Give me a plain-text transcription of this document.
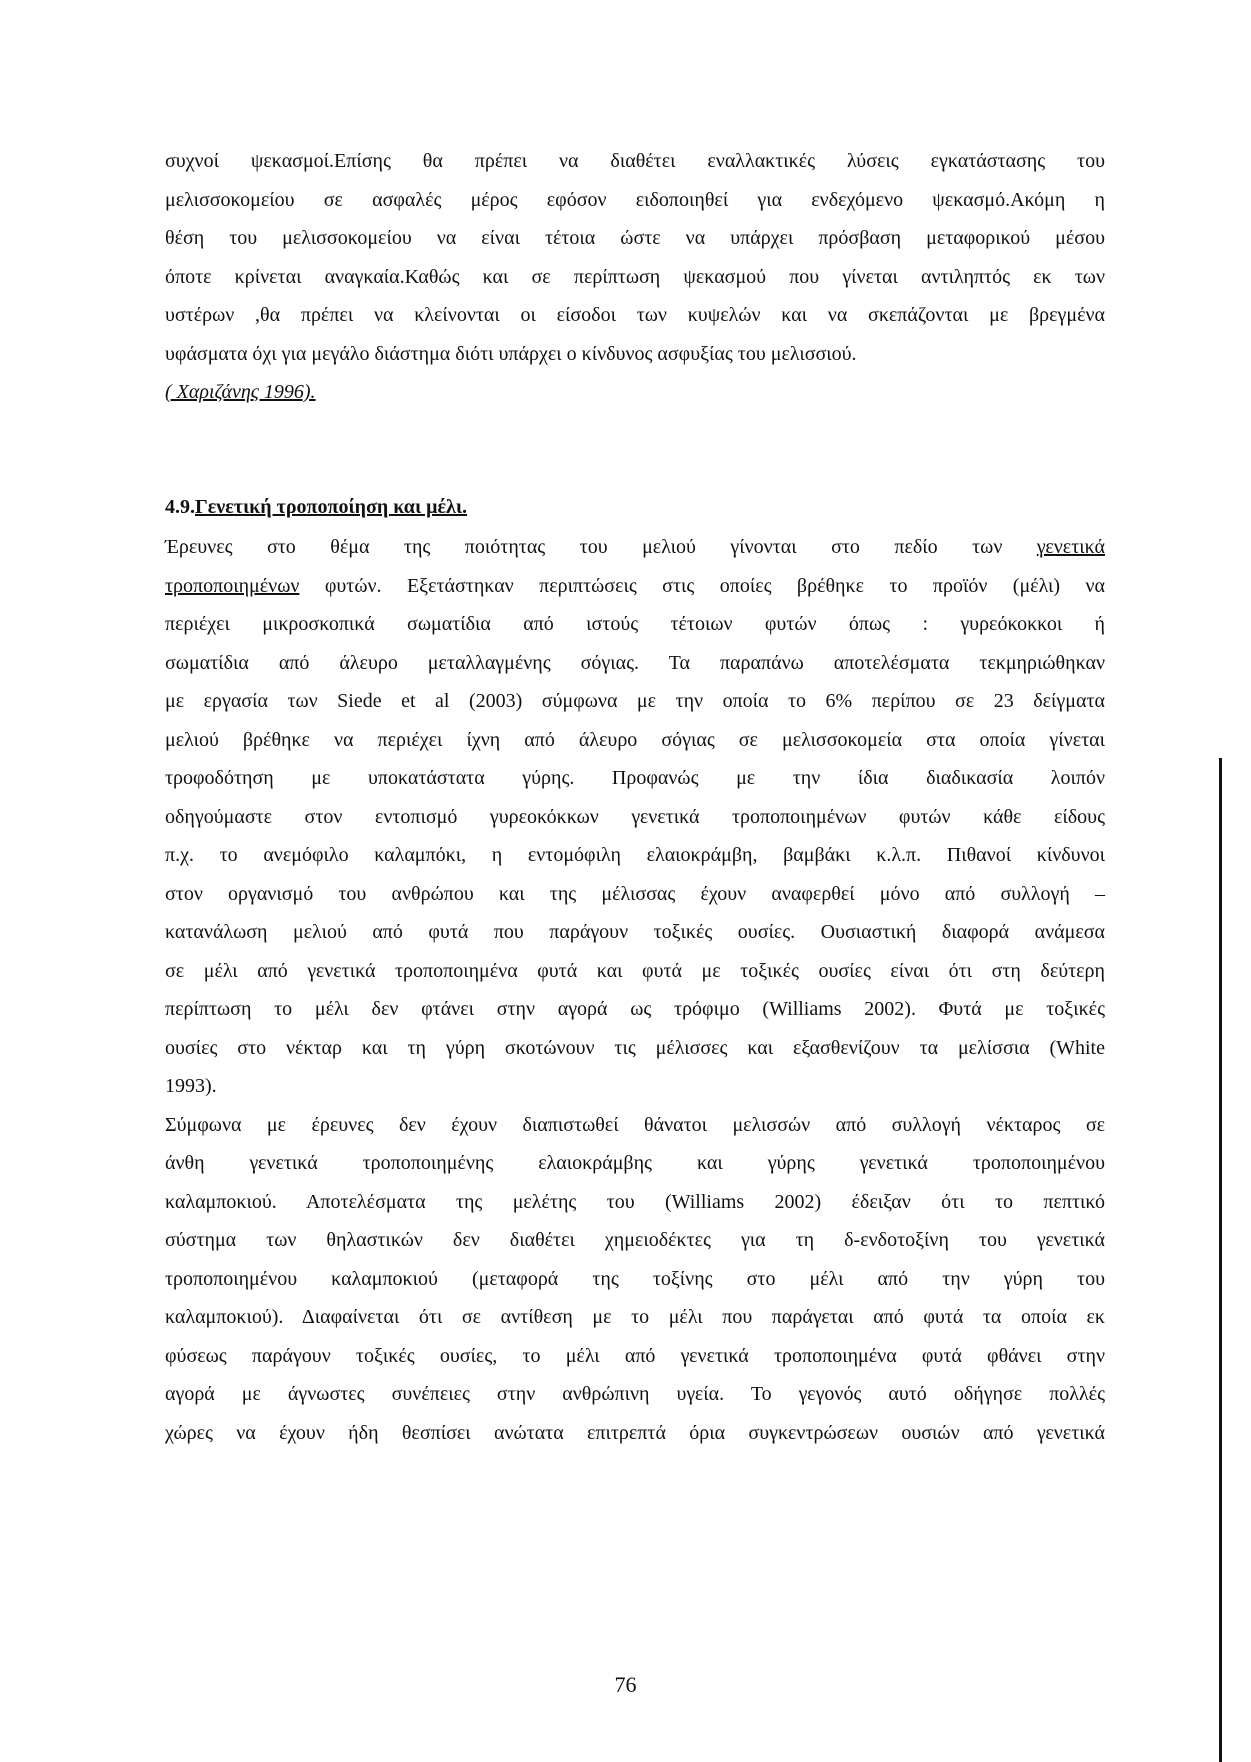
συχνοί ψεκασμοί.Επίσης θα πρέπει να διαθέτει εναλλακτικές λύσεις εγκατάστασης του
μελισσοκομείου σε ασφαλές μέρος εφόσον ειδοποιηθεί για ενδεχόμενο ψεκασμό.Ακόμη η
θέση του μελισσοκομείου να είναι τέτοια ώστε να υπάρχει πρόσβαση μεταφορικού μέσου
όποτε κρίνεται αναγκαία.Καθώς και σε περίπτωση ψεκασμού που γίνεται αντιληπτός εκ των
υστέρων ,θα πρέπει να κλείνονται οι είσοδοι των κυψελών και να σκεπάζονται με βρεγμένα
υφάσματα όχι για μεγάλο διάστημα διότι υπάρχει ο κίνδυνος ασφυξίας του μελισσιού.
( Χαριζάνης 1996).
4.9.Γενετική τροποποίηση και μέλι.
Έρευνες στο θέμα της ποιότητας του μελιού γίνονται στο πεδίο των γενετικά
τροποποιημένων φυτών. Εξετάστηκαν περιπτώσεις στις οποίες βρέθηκε το προϊόν (μέλι) να
περιέχει μικροσκοπικά σωματίδια από ιστούς τέτοιων φυτών όπως : γυρεόκοκκοι ή
σωματίδια από άλευρο μεταλλαγμένης σόγιας. Τα παραπάνω αποτελέσματα τεκμηριώθηκαν
με εργασία των Siede et al (2003) σύμφωνα με την οποία το 6% περίπου σε 23 δείγματα
μελιού βρέθηκε να περιέχει ίχνη από άλευρο σόγιας σε μελισσοκομεία στα οποία γίνεται
τροφοδότηση με υποκατάστατα γύρης. Προφανώς με την ίδια διαδικασία λοιπόν
οδηγούμαστε στον εντοπισμό γυρεοκόκκων γενετικά τροποποιημένων φυτών κάθε είδους
π.χ. το ανεμόφιλο καλαμπόκι, η εντομόφιλη ελαιοκράμβη, βαμβάκι κ.λ.π. Πιθανοί κίνδυνοι
στον οργανισμό του ανθρώπου και της μέλισσας έχουν αναφερθεί μόνο από συλλογή –
κατανάλωση μελιού από φυτά που παράγουν τοξικές ουσίες. Ουσιαστική διαφορά ανάμεσα
σε μέλι από γενετικά τροποποιημένα φυτά και φυτά με τοξικές ουσίες είναι ότι στη δεύτερη
περίπτωση το μέλι δεν φτάνει στην αγορά ως τρόφιμο (Williams 2002). Φυτά με τοξικές
ουσίες στο νέκταρ και τη γύρη σκοτώνουν τις μέλισσες και εξασθενίζουν τα μελίσσια (White
1993).
Σύμφωνα με έρευνες δεν έχουν διαπιστωθεί θάνατοι μελισσών από συλλογή νέκταρος σε
άνθη γενετικά τροποποιημένης ελαιοκράμβης και γύρης γενετικά τροποποιημένου
καλαμποκιού. Αποτελέσματα της μελέτης του (Williams 2002) έδειξαν ότι το πεπτικό
σύστημα των θηλαστικών δεν διαθέτει χημειοδέκτες για τη δ-ενδοτοξίνη του γενετικά
τροποποιημένου καλαμποκιού (μεταφορά της τοξίνης στο μέλι από την γύρη του
καλαμποκιού). Διαφαίνεται ότι σε αντίθεση με το μέλι που παράγεται από φυτά τα οποία εκ
φύσεως παράγουν τοξικές ουσίες, το μέλι από γενετικά τροποποιημένα φυτά φθάνει στην
αγορά με άγνωστες συνέπειες στην ανθρώπινη υγεία. Το γεγονός αυτό οδήγησε πολλές
χώρες να έχουν ήδη θεσπίσει ανώτατα επιτρεπτά όρια συγκεντρώσεων ουσιών από γενετικά
76
